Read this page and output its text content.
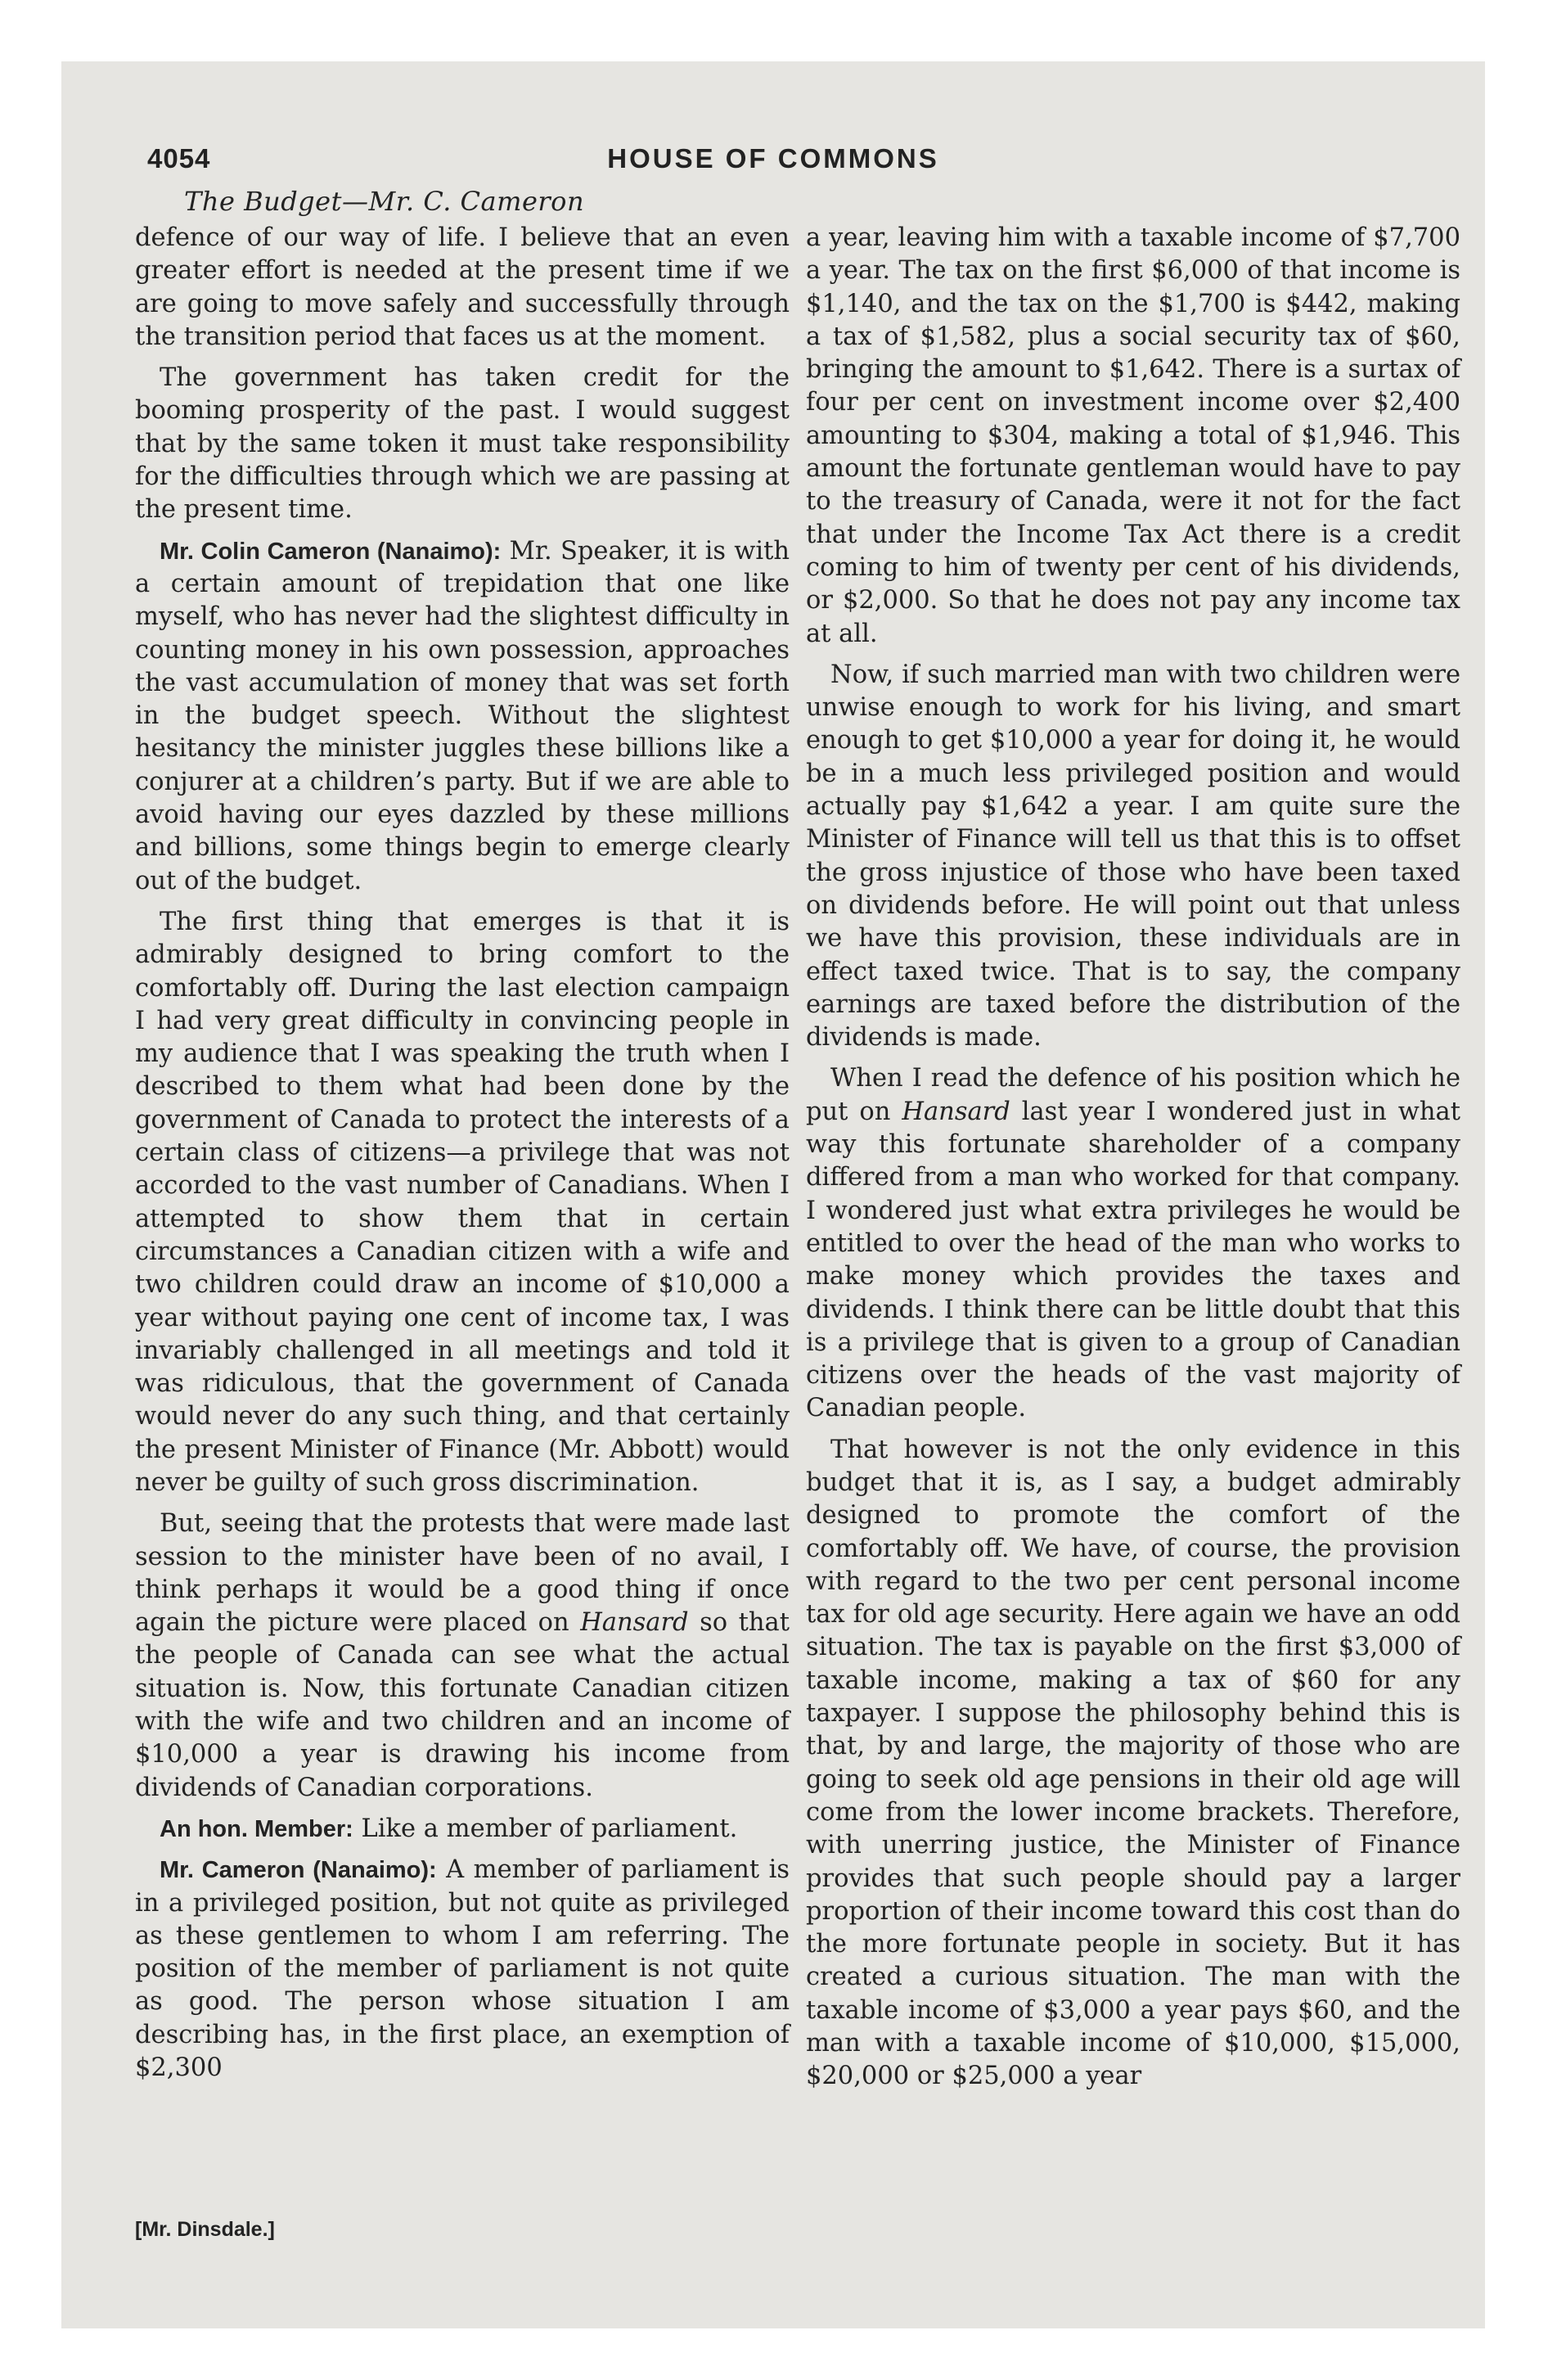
4054	HOUSE OF COMMONS
The Budget—Mr. C. Cameron

defence of our way of life. I believe that an even greater effort is needed at the present time if we are going to move safely and successfully through the transition period that faces us at the moment.

The government has taken credit for the booming prosperity of the past. I would suggest that by the same token it must take responsibility for the difficulties through which we are passing at the present time.

Mr. Colin Cameron (Nanaimo): Mr. Speaker, it is with a certain amount of trepidation that one like myself, who has never had the slightest difficulty in counting money in his own possession, approaches the vast accumulation of money that was set forth in the budget speech. Without the slightest hesitancy the minister juggles these billions like a conjurer at a children’s party. But if we are able to avoid having our eyes dazzled by these millions and billions, some things begin to emerge clearly out of the budget.

The first thing that emerges is that it is admirably designed to bring comfort to the comfortably off. During the last election campaign I had very great difficulty in convincing people in my audience that I was speaking the truth when I described to them what had been done by the government of Canada to protect the interests of a certain class of citizens—a privilege that was not accorded to the vast number of Canadians. When I attempted to show them that in certain circumstances a Canadian citizen with a wife and two children could draw an income of $10,000 a year without paying one cent of income tax, I was invariably challenged in all meetings and told it was ridiculous, that the government of Canada would never do any such thing, and that certainly the present Minister of Finance (Mr. Abbott) would never be guilty of such gross discrimination.

But, seeing that the protests that were made last session to the minister have been of no avail, I think perhaps it would be a good thing if once again the picture were placed on Hansard so that the people of Canada can see what the actual situation is. Now, this fortunate Canadian citizen with the wife and two children and an income of $10,000 a year is drawing his income from dividends of Canadian corporations.

An hon. Member: Like a member of parliament.

Mr. Cameron (Nanaimo): A member of parliament is in a privileged position, but not quite as privileged as these gentlemen to whom I am referring. The position of the member of parliament is not quite as good. The person whose situation I am describing has, in the first place, an exemption of $2,300

a year, leaving him with a taxable income of $7,700 a year. The tax on the first $6,000 of that income is $1,140, and the tax on the $1,700 is $442, making a tax of $1,582, plus a social security tax of $60, bringing the amount to $1,642. There is a surtax of four per cent on investment income over $2,400 amounting to $304, making a total of $1,946. This amount the fortunate gentleman would have to pay to the treasury of Canada, were it not for the fact that under the Income Tax Act there is a credit coming to him of twenty per cent of his dividends, or $2,000. So that he does not pay any income tax at all.

Now, if such married man with two children were unwise enough to work for his living, and smart enough to get $10,000 a year for doing it, he would be in a much less privileged position and would actually pay $1,642 a year. I am quite sure the Minister of Finance will tell us that this is to offset the gross injustice of those who have been taxed on dividends before. He will point out that unless we have this provision, these individuals are in effect taxed twice. That is to say, the company earnings are taxed before the distribution of the dividends is made.

When I read the defence of his position which he put on Hansard last year I wondered just in what way this fortunate shareholder of a company differed from a man who worked for that company. I wondered just what extra privileges he would be entitled to over the head of the man who works to make money which provides the taxes and dividends. I think there can be little doubt that this is a privilege that is given to a group of Canadian citizens over the heads of the vast majority of Canadian people.

That however is not the only evidence in this budget that it is, as I say, a budget admirably designed to promote the comfort of the comfortably off. We have, of course, the provision with regard to the two per cent personal income tax for old age security. Here again we have an odd situation. The tax is payable on the first $3,000 of taxable income, making a tax of $60 for any taxpayer. I suppose the philosophy behind this is that, by and large, the majority of those who are going to seek old age pensions in their old age will come from the lower income brackets. Therefore, with unerring justice, the Minister of Finance provides that such people should pay a larger proportion of their income toward this cost than do the more fortunate people in society. But it has created a curious situation. The man with the taxable income of $3,000 a year pays $60, and the man with a taxable income of $10,000, $15,000, $20,000 or $25,000 a year

[Mr. Dinsdale.]
